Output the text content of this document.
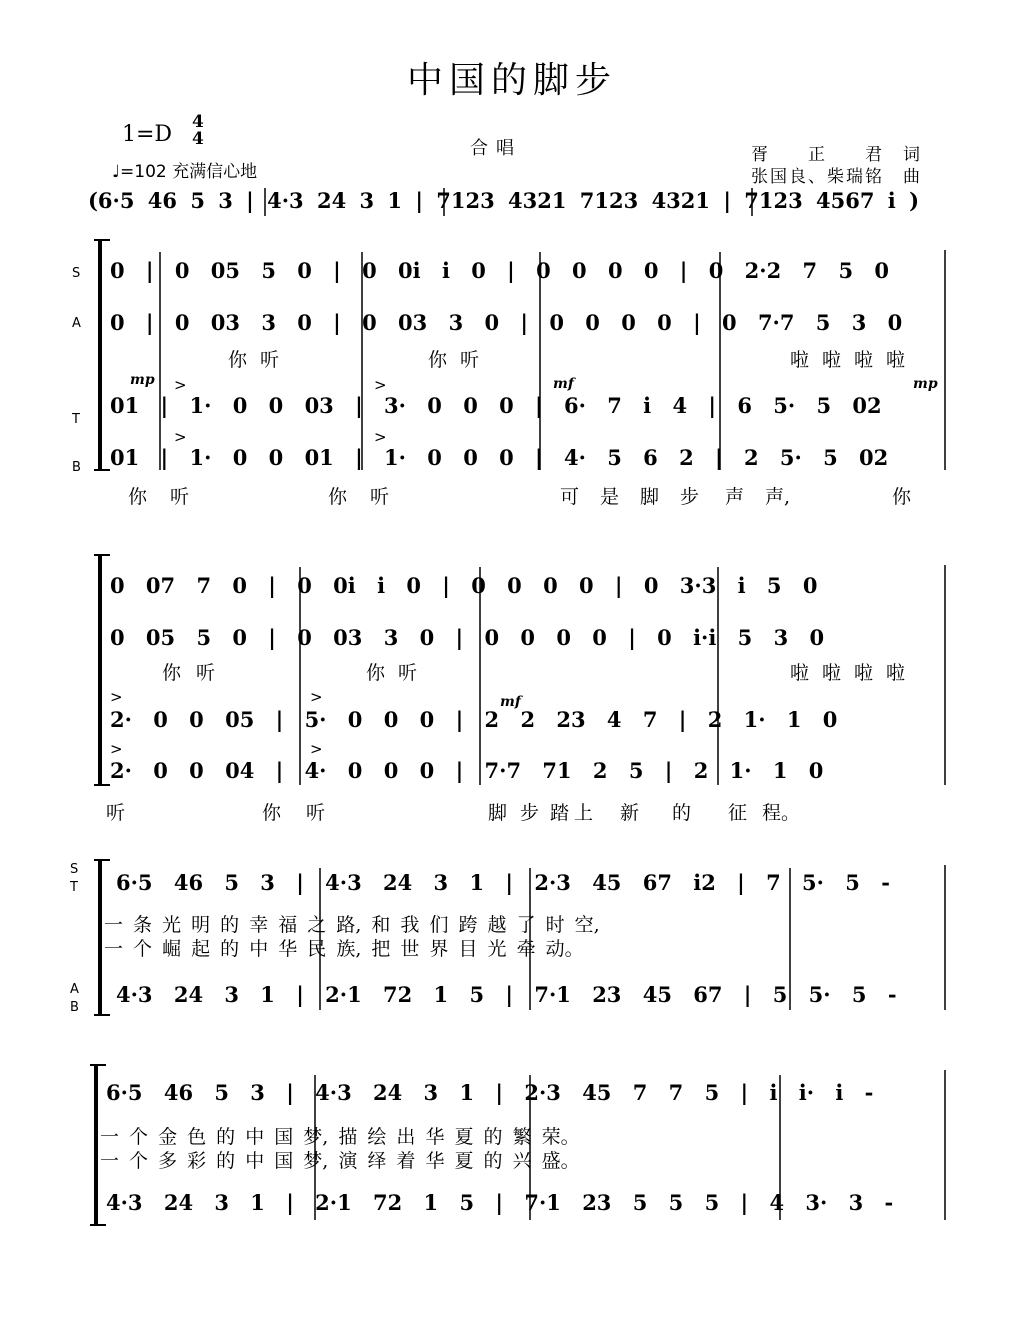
中国的脚步
1=D 4
4
♩=102 充满信心地
合唱	胥　　正　　君　词
张国良、柴瑞铭　曲
(6·5 46 5 3 | 4·3 24 3 1 | 7123 4321 7123 4321 | 7123 4567 i )
S
A
T
B
0 | 0 05 5 0 | 0 0i i 0 | 0 0 0 0 | 0 2·2 7 5 0
0 | 0 03 3 0 | 0 03 3 0 | 0 0 0 0 | 0 7·7 5 3 0
你 听	你 听	啦 啦 啦 啦
mp	mf	mp
>	>
>	>
01 | 1· 0 0 03 | 3· 0 0 0 | 6· 7 i 4 | 6 5· 5 02
01 | 1· 0 0 01 | 1· 0 0 0 | 4· 5 6 2 | 2 5· 5 02
你 听	你 听	可 是 脚 步 声 声,	你
0 07 7 0 | 0 0i i 0 | 0 0 0 0 | 0 3·3 i 5 0
0 05 5 0 | 0 03 3 0 | 0 0 0 0 | 0 i·i 5 3 0
你 听	你 听	啦 啦 啦 啦
>	>
>	>
mf
2· 0 0 05 | 5· 0 0 0 | 2 2 23 4 7 | 2 1· 1 0
2· 0 0 04 | 4· 0 0 0 | 7·7 71 2 5 | 2 1· 1 0
听	你 听	脚 步 踏 上 新 的 征 程。
S
T
A
B
6·5 46 5 3 | 4·3 24 3 1 | 2·3 45 67 i2 | 7 5· 5 -
一 条 光 明 的 幸 福 之 路, 和 我 们 跨 越 了 时 空,
一 个 崛 起 的 中 华 民 族, 把 世 界 目 光 牵 动。
4·3 24 3 1 | 2·1 72 1 5 | 7·1 23 45 67 | 5 5· 5 -
6·5 46 5 3 | 4·3 24 3 1 | 2·3 45 7 7 5 | i i· i -
一 个 金 色 的 中 国 梦, 描 绘 出 华 夏 的 繁 荣。
一 个 多 彩 的 中 国 梦, 演 绎 着 华 夏 的 兴 盛。
4·3 24 3 1 | 2·1 72 1 5 | 7·1 23 5 5 5 | 4 3· 3 -
